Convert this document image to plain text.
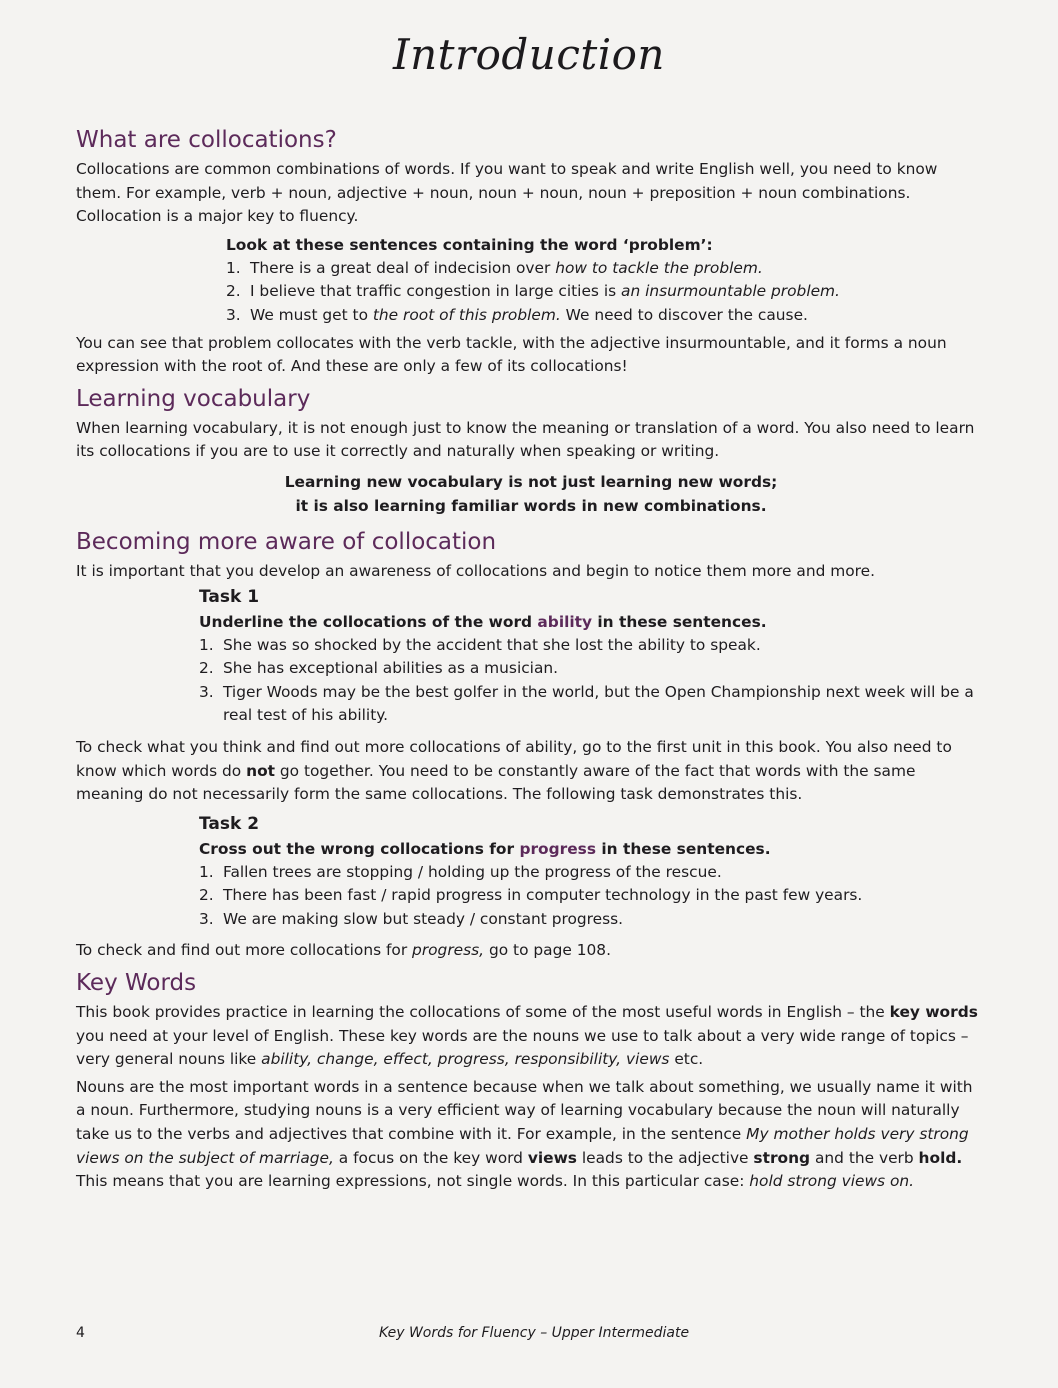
Introduction
What are collocations?

Collocations are common combinations of words. If you want to speak and write English well, you need to know them. For example, verb + noun, adjective + noun, noun + noun, noun + preposition + noun combinations. Collocation is a major key to fluency.

Look at these sentences containing the word ‘problem’:
1. There is a great deal of indecision over how to tackle the problem.
2. I believe that traffic congestion in large cities is an insurmountable problem.
3. We must get to the root of this problem. We need to discover the cause.

You can see that problem collocates with the verb tackle, with the adjective insurmountable, and it forms a noun expression with the root of. And these are only a few of its collocations!

Learning vocabulary

When learning vocabulary, it is not enough just to know the meaning or translation of a word. You also need to learn its collocations if you are to use it correctly and naturally when speaking or writing.

Learning new vocabulary is not just learning new words;
it is also learning familiar words in new combinations.
Becoming more aware of collocation

It is important that you develop an awareness of collocations and begin to notice them more and more.

Task 1
Underline the collocations of the word ability in these sentences.
1. She was so shocked by the accident that she lost the ability to speak.
2. She has exceptional abilities as a musician.
3. Tiger Woods may be the best golfer in the world, but the Open Championship next week will be a real test of his ability.

To check what you think and find out more collocations of ability, go to the first unit in this book. You also need to know which words do not go together. You need to be constantly aware of the fact that words with the same meaning do not necessarily form the same collocations. The following task demonstrates this.

Task 2
Cross out the wrong collocations for progress in these sentences.
1. Fallen trees are stopping / holding up the progress of the rescue.
2. There has been fast / rapid progress in computer technology in the past few years.
3. We are making slow but steady / constant progress.

To check and find out more collocations for progress, go to page 108.

Key Words

This book provides practice in learning the collocations of some of the most useful words in English – the key words you need at your level of English. These key words are the nouns we use to talk about a very wide range of topics – very general nouns like ability, change, effect, progress, responsibility, views etc.

Nouns are the most important words in a sentence because when we talk about something, we usually name it with a noun. Furthermore, studying nouns is a very efficient way of learning vocabulary because the noun will naturally take us to the verbs and adjectives that combine with it. For example, in the sentence My mother holds very strong views on the subject of marriage, a focus on the key word views leads to the adjective strong and the verb hold. This means that you are learning expressions, not single words. In this particular case: hold strong views on.

4	Key Words for Fluency – Upper Intermediate
